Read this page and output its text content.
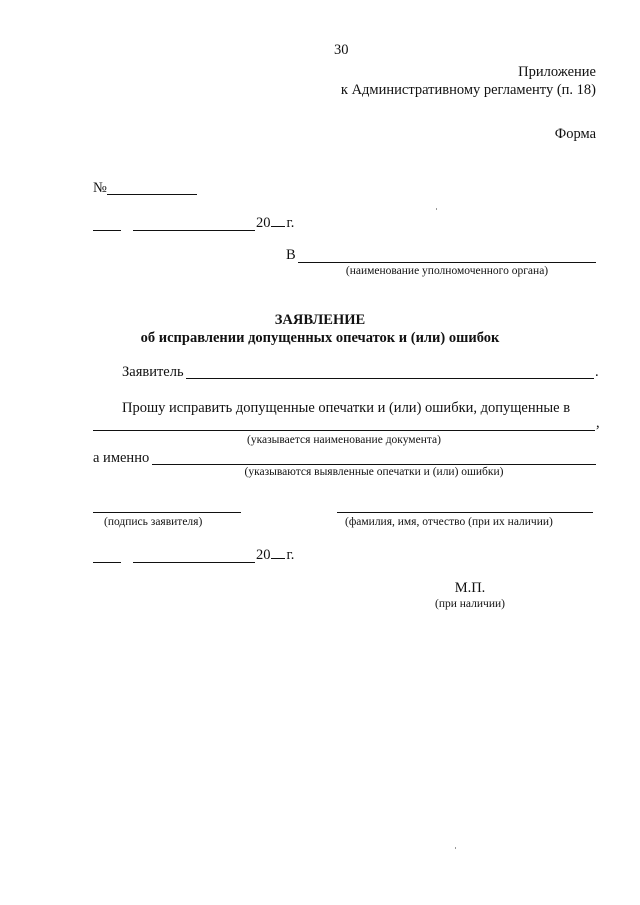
30
Приложение
к Административному регламенту (п. 18)
Форма
№
20 г.
В
(наименование уполномоченного органа)
ЗАЯВЛЕНИЕ
об исправлении допущенных опечаток и (или) ошибок
Заявитель	.
Прошу исправить допущенные опечатки и (или) ошибки, допущенные в
,
(указывается наименование документа)
а именно
(указываются выявленные опечатки и (или) ошибки)
(подпись заявителя)	(фамилия, имя, отчество (при их наличии)
20 г.
М.П.
(при наличии)
